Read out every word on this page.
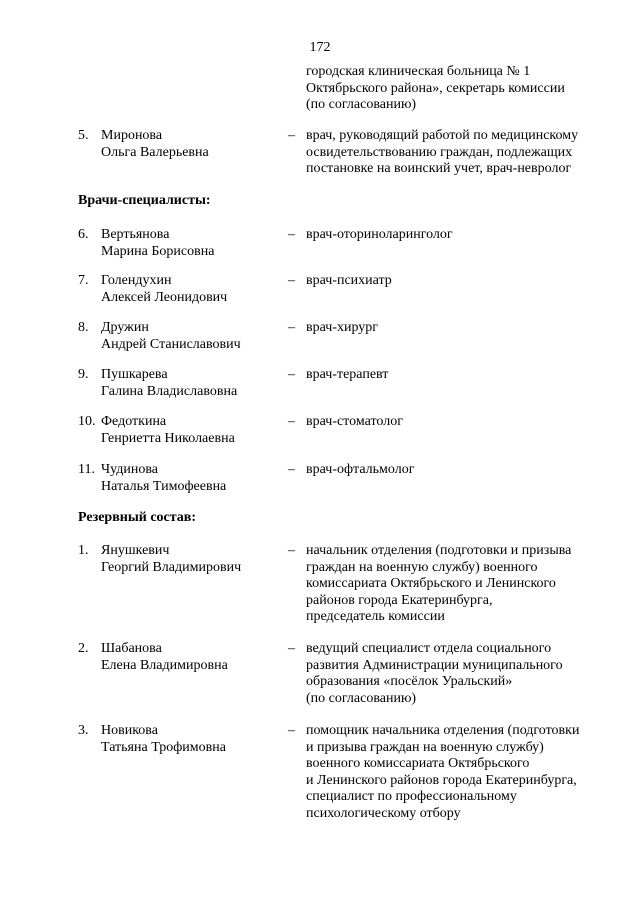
172
городская клиническая больница № 1
Октябрьского района», секретарь комиссии
(по согласованию)
5. Миронова
Ольга Валерьевна
– врач, руководящий работой по медицинскому
освидетельствованию граждан, подлежащих
постановке на воинский учет, врач-невролог
Врачи-специалисты:
6. Вертьянова
Марина Борисовна
– врач-оториноларинголог
7. Голендухин
Алексей Леонидович
– врач-психиатр
8. Дружин
Андрей Станиславович
– врач-хирург
9. Пушкарева
Галина Владиславовна
– врач-терапевт
10. Федоткина
Генриетта Николаевна
– врач-стоматолог
11. Чудинова
Наталья Тимофеевна
– врач-офтальмолог
Резервный состав:
1. Янушкевич
Георгий Владимирович
– начальник отделения (подготовки и призыва
граждан на военную службу) военного
комиссариата Октябрьского и Ленинского
районов города Екатеринбурга,
председатель комиссии
2. Шабанова
Елена Владимировна
– ведущий специалист отдела социального
развития Администрации муниципального
образования «посёлок Уральский»
(по согласованию)
3. Новикова
Татьяна Трофимовна
– помощник начальника отделения (подготовки
и призыва граждан на военную службу)
военного комиссариата Октябрьского
и Ленинского районов города Екатеринбурга,
специалист по профессиональному
психологическому отбору
